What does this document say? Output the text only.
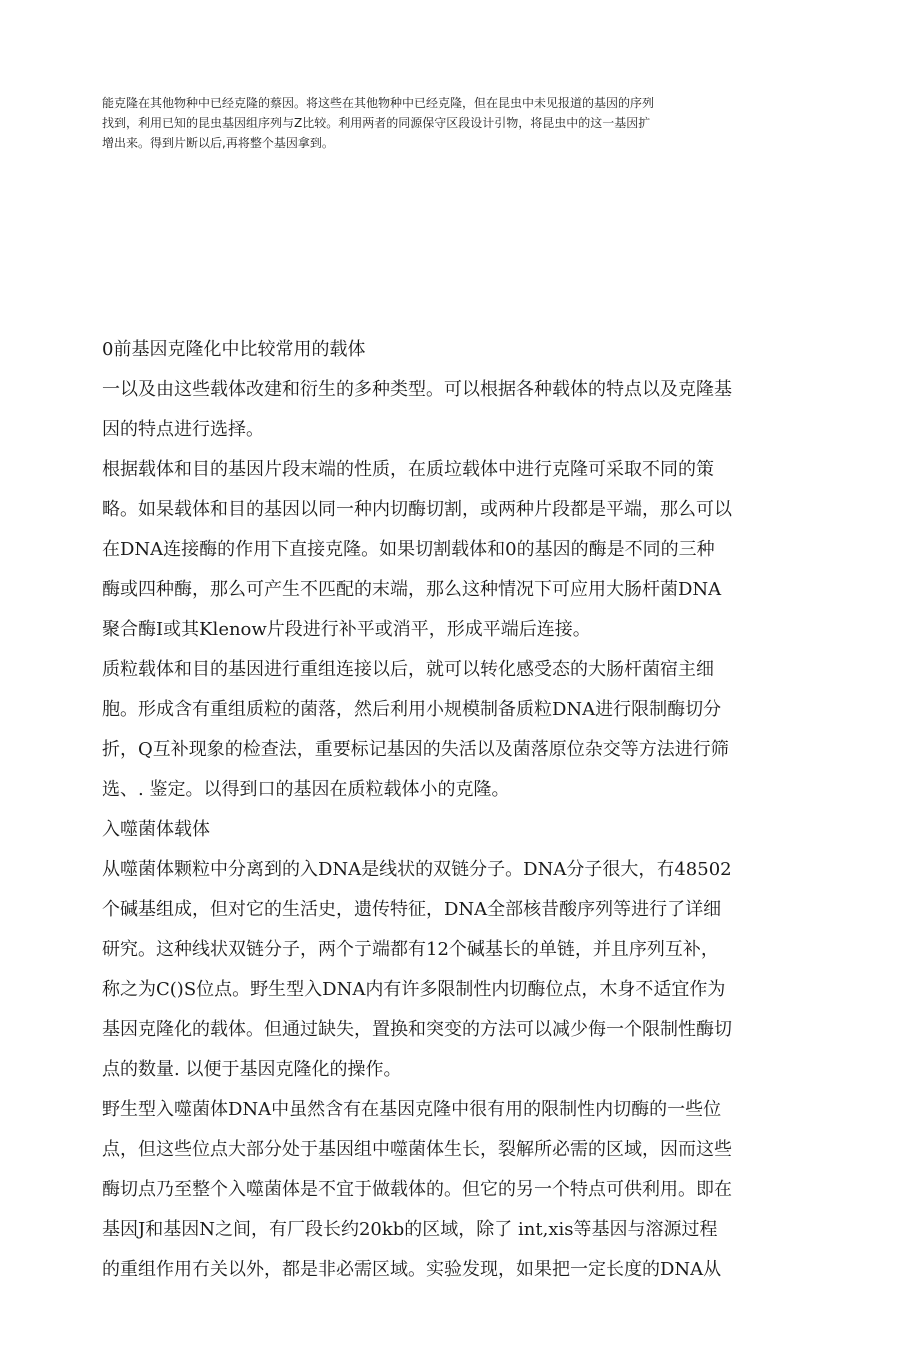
能克隆在其他物种中已经克隆的蔡因。将这些在其他物种中已经克隆，但在昆虫中未见报道的基因的序列
找到，利用已知的昆虫基因组序列与Z比较。利用两者的同源保守区段设计引物，将昆虫中的这一基因扩
增出来。得到片断以后,再将整个基因拿到。
0前基因克隆化中比较常用的载体
一以及由这些载体改建和衍生的多种类型。可以根据各种载体的特点以及克隆基
因的特点进行选择。
根据载体和目的基因片段末端的性质，在质垃载体中进行克隆可采取不同的策
略。如杲载体和目的基因以同一种内切酶切割，或两种片段都是平端，那么可以
在DNA连接酶的作用下直接克隆。如果切割载体和0的基因的酶是不同的三种
酶或四种酶，那么可产生不匹配的末端，那么这种情况下可应用大肠杆菌DNA
聚合酶I或其Klenow片段进行补平或消平，形成平端后连接。
质粒载体和目的基因进行重组连接以后，就可以转化感受态的大肠杆菌宿主细
胞。形成含有重组质粒的菌落，然后利用小规模制备质粒DNA进行限制酶切分
折，Q互补现象的检查法，重要标记基因的失活以及菌落原位杂交等方法进行筛
选、. 鉴定。以得到口的基因在质粒载体小的克隆。
入噬菌体载体
从噬菌体颗粒中分离到的入DNA是线状的双链分子。DNA分子很大，冇48502
个碱基组成，但对它的生活史，遗传特征，DNA全部核昔酸序列等进行了详细
研究。这种线状双链分子，两个亍端都有12个碱基长的单链，并且序列互补，
称之为C()S位点。野生型入DNA内有许多限制性内切酶位点，木身不适宜作为
基因克隆化的载体。但通过缺失，置换和突变的方法可以减少侮一个限制性酶切
点的数量. 以便于基因克隆化的操作。
野生型入噬菌体DNA中虽然含有在基因克隆中很有用的限制性内切酶的一些位
点，但这些位点大部分处于基因组中噬菌体生长，裂解所必需的区域，因而这些
酶切点乃至整个入噬菌体是不宜于做载体的。但它的另一个特点可供利用。即在
基因J和基因N之间，有厂段长约20kb的区域，除了 int,xis等基因与溶源过程
的重组作用冇关以外，都是非必需区域。实验发现，如果把一定长度的DNA从
